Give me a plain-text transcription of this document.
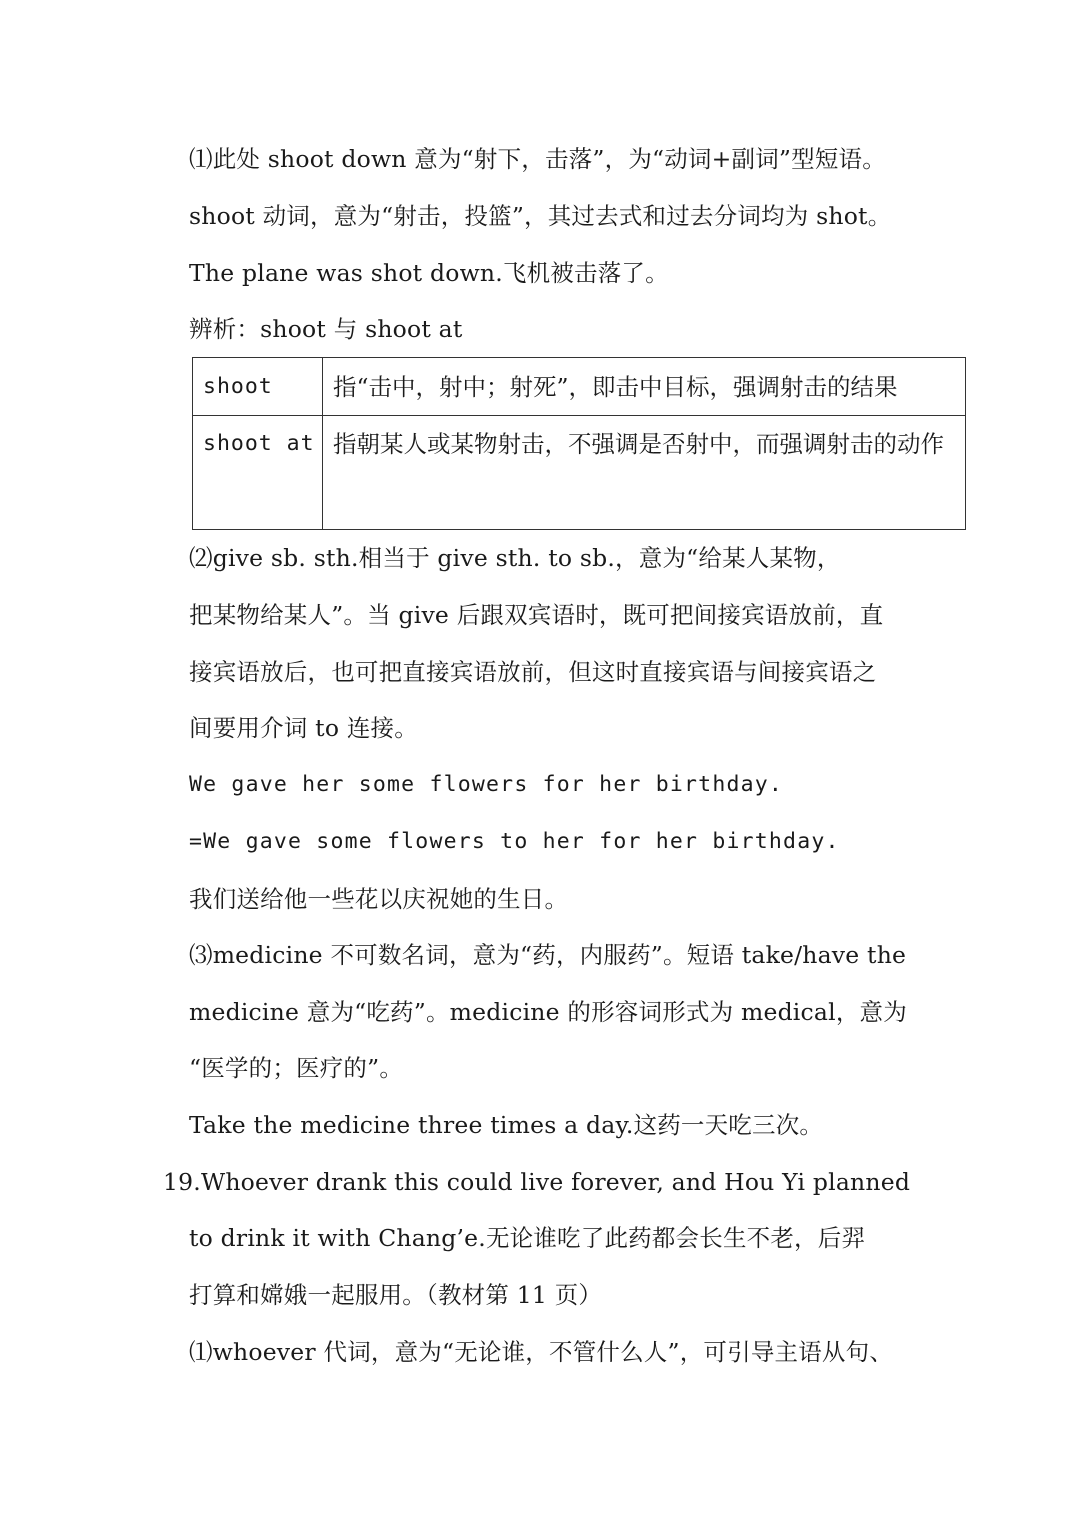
⑴此处 shoot down 意为“射下，击落”，为“动词+副词”型短语。
shoot 动词，意为“射击，投篮”，其过去式和过去分词均为 shot。
The plane was shot down.飞机被击落了。
辨析：shoot 与 shoot at
shoot	指“击中，射中；射死”，即击中目标，强调射击的结果

shoot at	指朝某人或某物射击，不强调是否射中，而强调射击的动作
⑵give sb. sth.相当于 give sth. to sb.，意为“给某人某物，
把某物给某人”。当 give 后跟双宾语时，既可把间接宾语放前，直
接宾语放后，也可把直接宾语放前，但这时直接宾语与间接宾语之
间要用介词 to 连接。
We gave her some flowers for her birthday.
=We gave some flowers to her for her birthday.
我们送给他一些花以庆祝她的生日。
⑶medicine 不可数名词，意为“药，内服药”。短语 take/have the
medicine 意为“吃药”。medicine 的形容词形式为 medical，意为
“医学的；医疗的”。
Take the medicine three times a day.这药一天吃三次。
19.Whoever drank this could live forever, and Hou Yi planned
to drink it with Chang’e.无论谁吃了此药都会长生不老，后羿
打算和嫦娥一起服用。（教材第 11 页）
⑴whoever 代词，意为“无论谁，不管什么人”，可引导主语从句、
